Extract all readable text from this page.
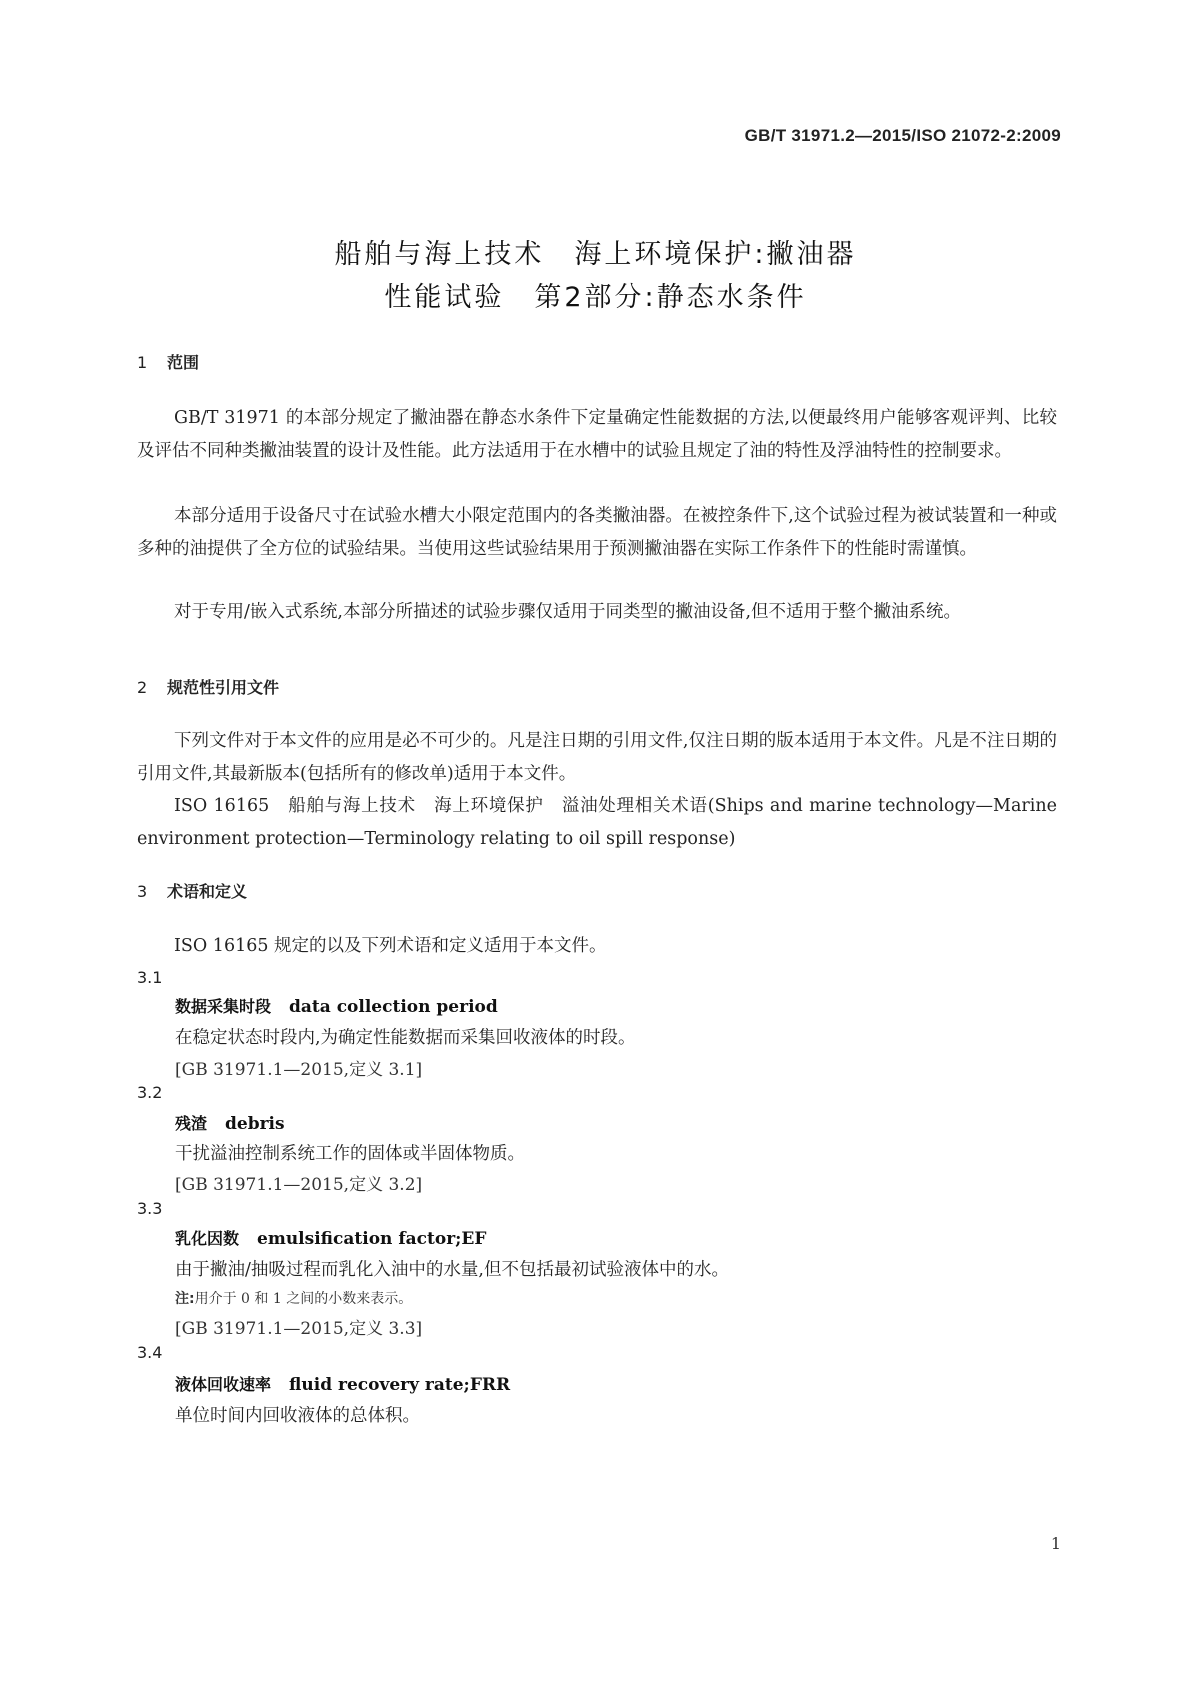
GB/T 31971.2—2015/ISO 21072-2:2009
船舶与海上技术　海上环境保护:撇油器
性能试验　第2部分:静态水条件
1 范围
GB/T 31971 的本部分规定了撇油器在静态水条件下定量确定性能数据的方法,以便最终用户能够客观评判、比较及评估不同种类撇油装置的设计及性能。此方法适用于在水槽中的试验且规定了油的特性及浮油特性的控制要求。
本部分适用于设备尺寸在试验水槽大小限定范围内的各类撇油器。在被控条件下,这个试验过程为被试装置和一种或多种的油提供了全方位的试验结果。当使用这些试验结果用于预测撇油器在实际工作条件下的性能时需谨慎。
对于专用/嵌入式系统,本部分所描述的试验步骤仅适用于同类型的撇油设备,但不适用于整个撇油系统。
2 规范性引用文件
下列文件对于本文件的应用是必不可少的。凡是注日期的引用文件,仅注日期的版本适用于本文件。凡是不注日期的引用文件,其最新版本(包括所有的修改单)适用于本文件。
ISO 16165　船舶与海上技术　海上环境保护　溢油处理相关术语(Ships and marine technology—Marine environment protection—Terminology relating to oil spill response)
3 术语和定义
ISO 16165 规定的以及下列术语和定义适用于本文件。
3.1
数据采集时段 data collection period
在稳定状态时段内,为确定性能数据而采集回收液体的时段。
[GB 31971.1—2015,定义 3.1]
3.2
残渣 debris
干扰溢油控制系统工作的固体或半固体物质。
[GB 31971.1—2015,定义 3.2]
3.3
乳化因数 emulsification factor;EF
由于撇油/抽吸过程而乳化入油中的水量,但不包括最初试验液体中的水。
注:用介于 0 和 1 之间的小数来表示。
[GB 31971.1—2015,定义 3.3]
3.4
液体回收速率 fluid recovery rate;FRR
单位时间内回收液体的总体积。
1
